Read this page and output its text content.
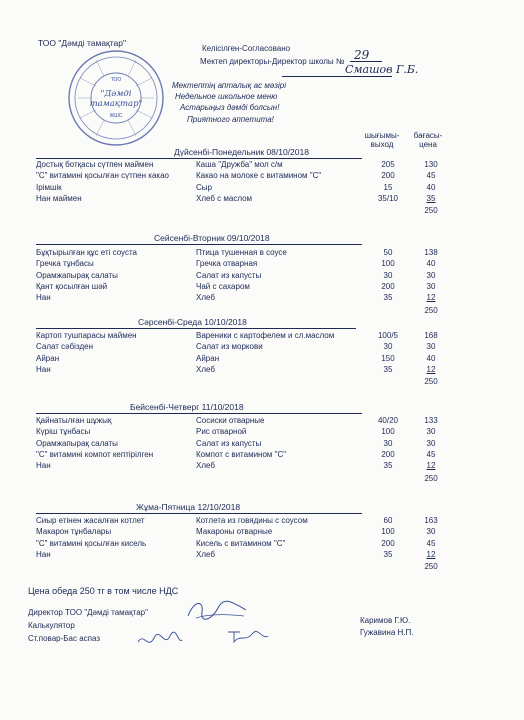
ТОО
"Дәмді
тамақтар"
ЖШС
ТОО "Дәмді тамақтар"
Келісілген-Согласовано
Мектеп директоры-Директор школы № 29
Смашов Г.Б.
Мектептің апталық ас мәзірі
Недельное школьное меню
Астарыңыз дәмді болсын!
Приятного аппетита!
шығымы-
выход
бағасы-
цена
Дүйсенбі-Понедельник 08/10/2018
Достық ботқасы сүтпен маймен	Каша "Дружба" мол с/м	205	130
"С" витамині қосылған сүтпен какао	Какао на молоке с витамином "С"	200	45
Ірімшік	Сыр	15	40
Нан маймен	Хлеб с маслом	35/10	35
250
Сейсенбі-Вторник 09/10/2018
Бұқтырылған құс еті соуста	Птица тушенная в соусе	50	138
Гречка тұнбасы	Гречка отварная	100	40
Орамжапырақ салаты	Салат из капусты	30	30
Қант қосылған шәй	Чай с сахаром	200	30
Нан	Хлеб	35	12
250
Сәрсенбі-Среда 10/10/2018
Картоп тушпарасы маймен	Вареники с картофелем и сл.маслом	100/5	168
Салат сәбізден	Салат из моркови	30	30
Айран	Айран	150	40
Нан	Хлеб	35	12
250
Бейсенбі-Четверг 11/10/2018
Қайнатылған шұжық	Сосиски отварные	40/20	133
Күріш тұнбасы	Рис отварной	100	30
Орамжапырақ салаты	Салат из капусты	30	30
"С" витамині компот кептірілген	Компот с витамином "С"	200	45
Нан	Хлеб	35	12
250
Жұма-Пятница 12/10/2018
Сиыр етінен жасалған котлет	Котлета из говядины с соусом	60	163
Макарон тұнбалары	Макароны отварные	100	30
"С" витамині қосылған кисель	Кисель с витамином "С"	200	45
Нан	Хлеб	35	12
250
Цена обеда 250 тг в том числе НДС
Директор ТОО "Дәмді тамақтар"
Калькулятор
Ст.повар-Бас аспаз
Каримов Г.Ю.
Гужавина Н.П.
